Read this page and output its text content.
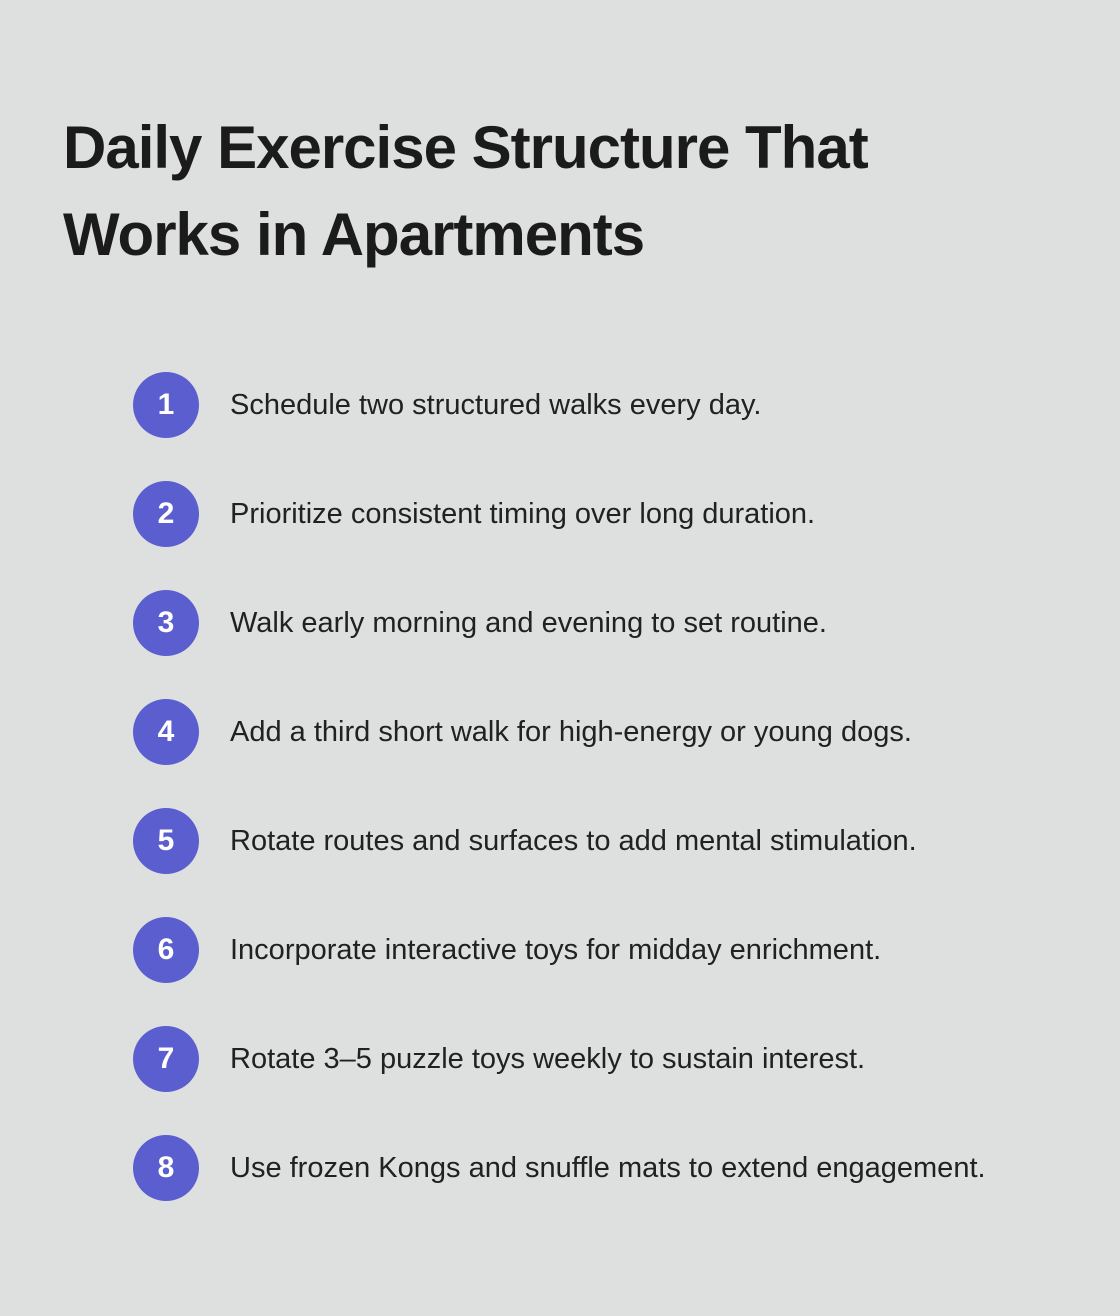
Daily Exercise Structure That Works in Apartments
1	Schedule two structured walks every day.
2	Prioritize consistent timing over long duration.
3	Walk early morning and evening to set routine.
4	Add a third short walk for high-energy or young dogs.
5	Rotate routes and surfaces to add mental stimulation.
6	Incorporate interactive toys for midday enrichment.
7	Rotate 3–5 puzzle toys weekly to sustain interest.
8	Use frozen Kongs and snuffle mats to extend engagement.
